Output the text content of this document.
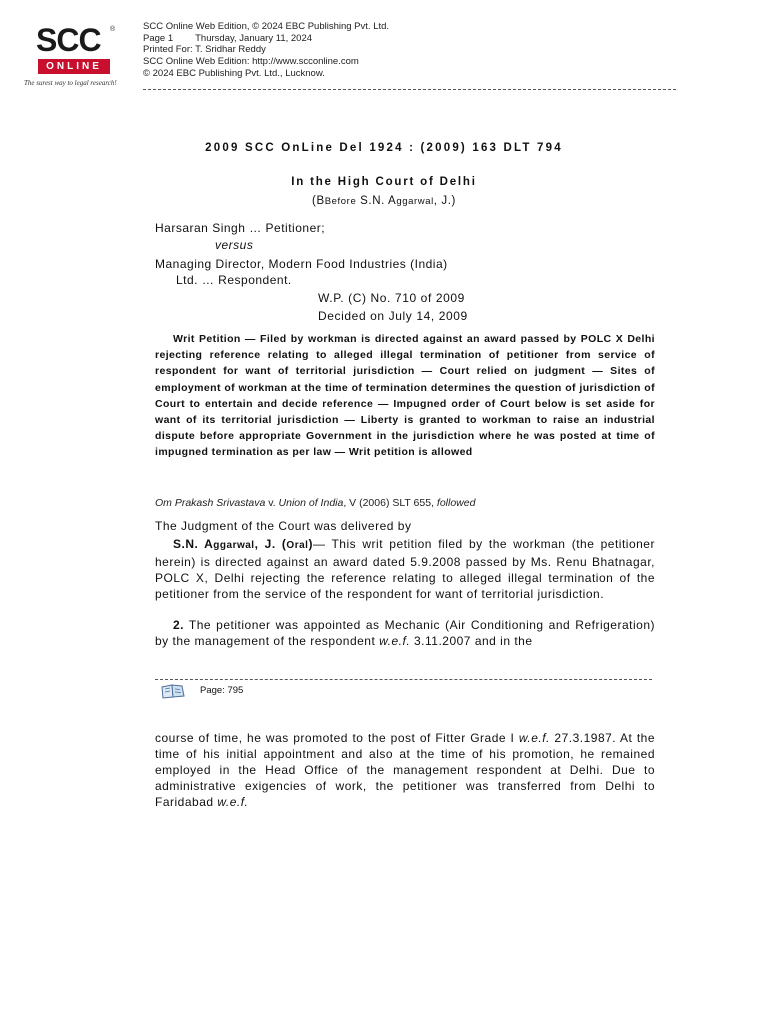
SCC ®
ONLINE
The surest way to legal research!
SCC Online Web Edition, © 2024 EBC Publishing Pvt. Ltd.
Page 1 Thursday, January 11, 2024
Printed For: T. Sridhar Reddy
SCC Online Web Edition: http://www.scconline.com
© 2024 EBC Publishing Pvt. Ltd., Lucknow.
2009 SCC OnLine Del 1924 : (2009) 163 DLT 794
In the High Court of Delhi
(BBefore S.N. Aggarwal, J.)
Harsaran Singh … Petitioner;
versus
Managing Director, Modern Food Industries (India)
Ltd. … Respondent.
W.P. (C) No. 710 of 2009
Decided on July 14, 2009
Writ Petition — Filed by workman is directed against an award passed by POLC X Delhi rejecting reference relating to alleged illegal termination of petitioner from service of respondent for want of territorial jurisdiction — Court relied on judgment — Sites of employment of workman at the time of termination determines the question of jurisdiction of Court to entertain and decide reference — Impugned order of Court below is set aside for want of its territorial jurisdiction — Liberty is granted to workman to raise an industrial dispute before appropriate Government in the jurisdiction where he was posted at time of impugned termination as per law — Writ petition is allowed
Om Prakash Srivastava v. Union of India, V (2006) SLT 655, followed
The Judgment of the Court was delivered by
S.N. Aggarwal, J. (Oral)— This writ petition filed by the workman (the petitioner herein) is directed against an award dated 5.9.2008 passed by Ms. Renu Bhatnagar, POLC X, Delhi rejecting the reference relating to alleged illegal termination of the petitioner from the service of the respondent for want of territorial jurisdiction.
2. The petitioner was appointed as Mechanic (Air Conditioning and Refrigeration) by the management of the respondent w.e.f. 3.11.2007 and in the
Page: 795
course of time, he was promoted to the post of Fitter Grade I w.e.f. 27.3.1987. At the time of his initial appointment and also at the time of his promotion, he remained employed in the Head Office of the management respondent at Delhi. Due to administrative exigencies of work, the petitioner was transferred from Delhi to Faridabad w.e.f.
